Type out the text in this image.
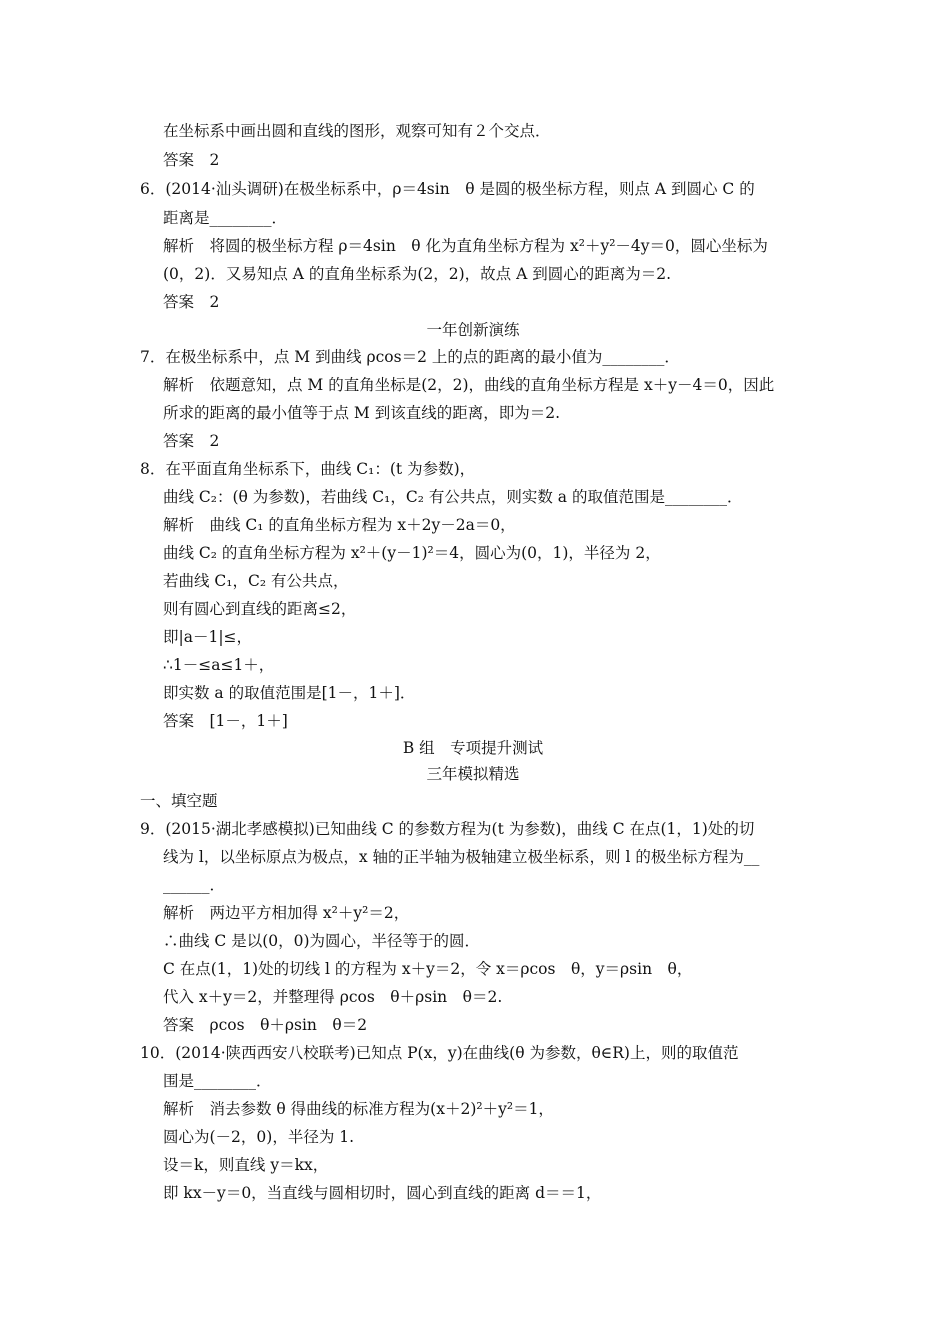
在坐标系中画出圆和直线的图形，观察可知有２个交点．
答案　2
6．(2014·汕头调研)在极坐标系中，ρ＝4sin　θ 是圆的极坐标方程，则点 A 到圆心 C 的
距离是________．
解析　将圆的极坐标方程 ρ＝4sin　θ 化为直角坐标方程为 x²＋y²－4y＝0，圆心坐标为
(0，2)．又易知点 A 的直角坐标系为(2，2)，故点 A 到圆心的距离为＝2.
答案　2
一年创新演练
7．在极坐标系中，点 M 到曲线 ρcos＝2 上的点的距离的最小值为________．
解析　依题意知，点 M 的直角坐标是(2，2)，曲线的直角坐标方程是 x＋y－4＝0，因此
所求的距离的最小值等于点 M 到该直线的距离，即为＝2.
答案　2
8．在平面直角坐标系下，曲线 C₁：(t 为参数)，
曲线 C₂：(θ 为参数)，若曲线 C₁，C₂ 有公共点，则实数 a 的取值范围是________．
解析　曲线 C₁ 的直角坐标方程为 x＋2y－2a＝0，
曲线 C₂ 的直角坐标方程为 x²＋(y－1)²＝4，圆心为(0，1)，半径为 2，
若曲线 C₁，C₂ 有公共点，
则有圆心到直线的距离≤2，
即|a－1|≤，
∴1－≤a≤1＋，
即实数 a 的取值范围是[1－，1＋]．
答案　[1－，1＋]
B 组　专项提升测试
三年模拟精选
一、填空题
9．(2015·湖北孝感模拟)已知曲线 C 的参数方程为(t 为参数)，曲线 C 在点(1，1)处的切
线为 l，以坐标原点为极点，x 轴的正半轴为极轴建立极坐标系，则 l 的极坐标方程为__
______．
解析　两边平方相加得 x²＋y²＝2，
∴曲线 C 是以(0，0)为圆心，半径等于的圆．
C 在点(1，1)处的切线 l 的方程为 x＋y＝2，令 x＝ρcos　θ，y＝ρsin　θ，
代入 x＋y＝2，并整理得 ρcos　θ＋ρsin　θ＝2.
答案　ρcos　θ＋ρsin　θ＝2
10．(2014·陕西西安八校联考)已知点 P(x，y)在曲线(θ 为参数，θ∈R)上，则的取值范
围是________．
解析　消去参数 θ 得曲线的标准方程为(x＋2)²＋y²＝1，
圆心为(－2，0)，半径为 1.
设＝k，则直线 y＝kx，
即 kx－y＝0，当直线与圆相切时，圆心到直线的距离 d＝＝1，
